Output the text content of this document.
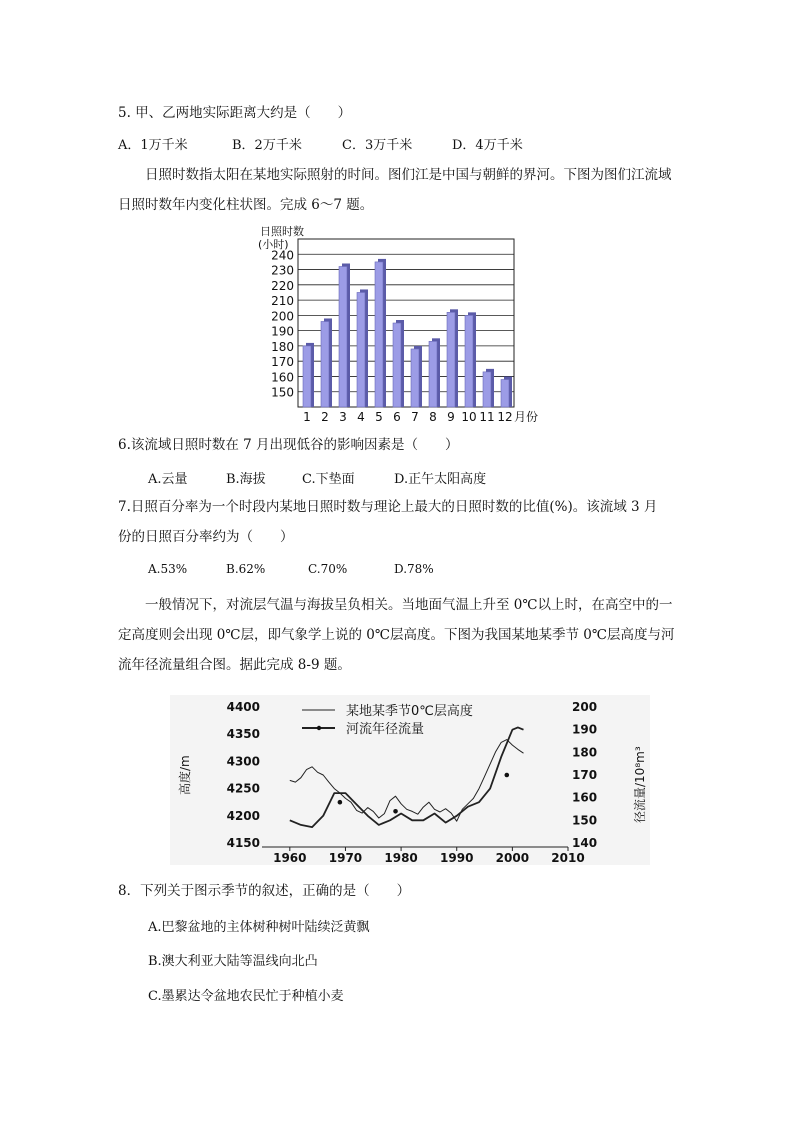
5. 甲、乙两地实际距离大约是（　　）
A．1万千米	B．2万千米	C．3万千米	D．4万千米
日照时数指太阳在某地实际照射的时间。图们江是中国与朝鲜的界河。下图为图们江流域日照时数年内变化柱状图。完成 6～7 题。
日照时数
(小时)
150
160
170
180
190
200
210
220
230
240
1 2 3 4 5 6 7 8 9 10 11 12 月份
6.该流域日照时数在 7 月出现低谷的影响因素是（　　）
A.云量	B.海拔	C.下垫面	D.正午太阳高度
7.日照百分率为一个时段内某地日照时数与理论上最大的日照时数的比值(%)。该流域 3 月
份的日照百分率约为（　　）
A.53%	B.62%	C.70%	D.78%
一般情况下，对流层气温与海拔呈负相关。当地面气温上升至 0℃以上时，在高空中的一定高度则会出现 0℃层，即气象学上说的 0℃层高度。下图为我国某地某季节 0℃层高度与河流年径流量组合图。据此完成 8-9 题。
4150
4200
4250
4300
4350
4400
140
150
160
170
180
190
200
1960 1970 1980 1990 2000 2010
某地某季节0℃层高度
河流年径流量
高度/m	径流量/10⁸m³
8．下列关于图示季节的叙述，正确的是（　　）
A.巴黎盆地的主体树种树叶陆续泛黄飘
B.澳大利亚大陆等温线向北凸
C.墨累达令盆地农民忙于种植小麦
